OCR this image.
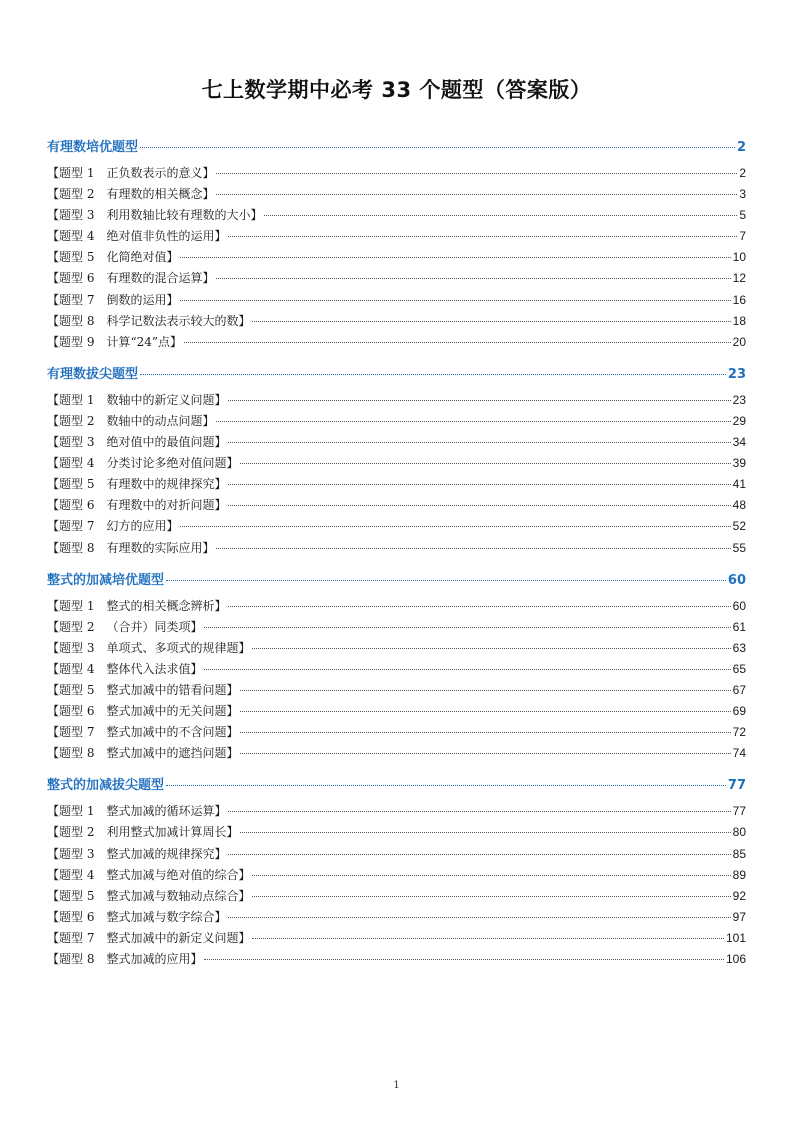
七上数学期中必考 33 个题型（答案版）
有理数培优题型	2
【题型 1
   正负数表示的意义】	2
【题型 2
   有理数的相关概念】	3
【题型 3
   利用数轴比较有理数的大小】	5
【题型 4
   绝对值非负性的运用】	7
【题型 5
   化简绝对值】	10
【题型 6
   有理数的混合运算】	12
【题型 7
   倒数的运用】	16
【题型 8
   科学记数法表示较大的数】	18
【题型 9
   计算“24”点】	20
有理数拔尖题型	23
【题型 1
   数轴中的新定义问题】	23
【题型 2
   数轴中的动点问题】	29
【题型 3
   绝对值中的最值问题】	34
【题型 4
   分类讨论多绝对值问题】	39
【题型 5
   有理数中的规律探究】	41
【题型 6
   有理数中的对折问题】	48
【题型 7
   幻方的应用】	52
【题型 8
   有理数的实际应用】	55
整式的加减培优题型	60
【题型 1
   整式的相关概念辨析】	60
【题型 2
   （合并）同类项】	61
【题型 3
   单项式、多项式的规律题】	63
【题型 4
   整体代入法求值】	65
【题型 5
   整式加减中的错看问题】	67
【题型 6
   整式加减中的无关问题】	69
【题型 7
   整式加减中的不含问题】	72
【题型 8
   整式加减中的遮挡问题】	74
整式的加减拔尖题型	77
【题型 1
   整式加减的循环运算】	77
【题型 2
   利用整式加减计算周长】	80
【题型 3
   整式加减的规律探究】	85
【题型 4
   整式加减与绝对值的综合】	89
【题型 5
   整式加减与数轴动点综合】	92
【题型 6
   整式加减与数字综合】	97
【题型 7
   整式加减中的新定义问题】	101
【题型 8
   整式加减的应用】	106
1
